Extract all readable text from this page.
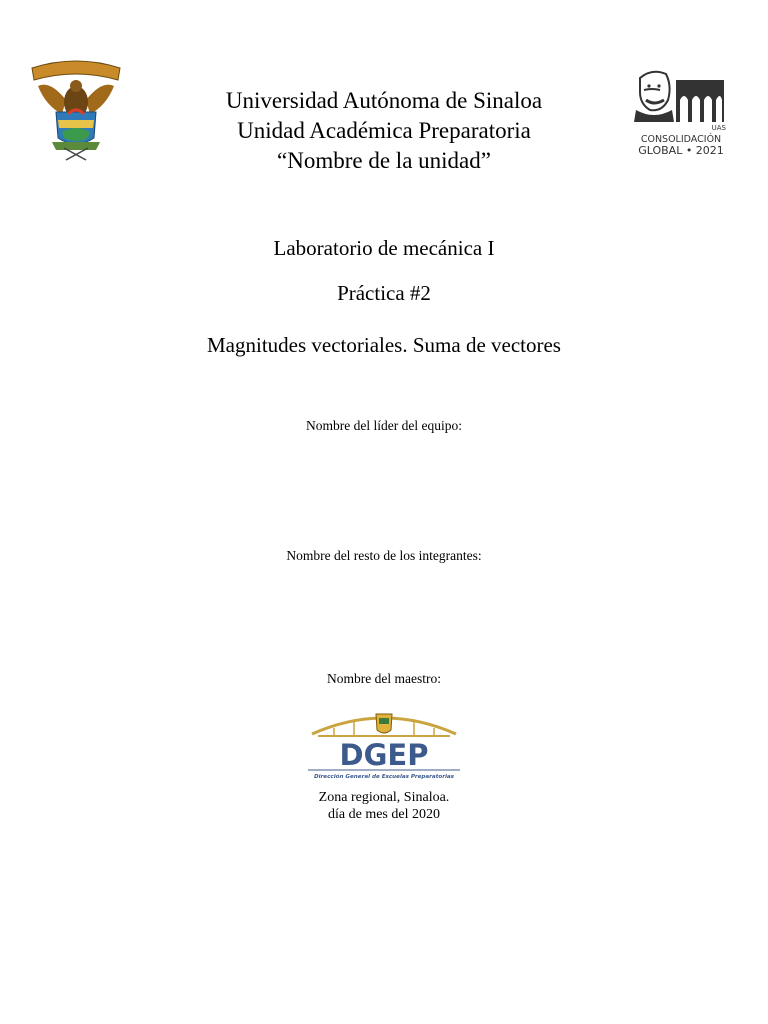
Universidad Autónoma de Sinaloa
Unidad Académica Preparatoria
“Nombre de la unidad”
UAS
CONSOLIDACIÓN
GLOBAL • 2021
Laboratorio de mecánica I
Práctica #2
Magnitudes vectoriales. Suma de vectores
Nombre del líder del equipo:
Nombre del resto de los integrantes:
Nombre del maestro:
DGEP
Dirección General de Escuelas Preparatorias
Zona regional, Sinaloa.
día de mes del 2020
